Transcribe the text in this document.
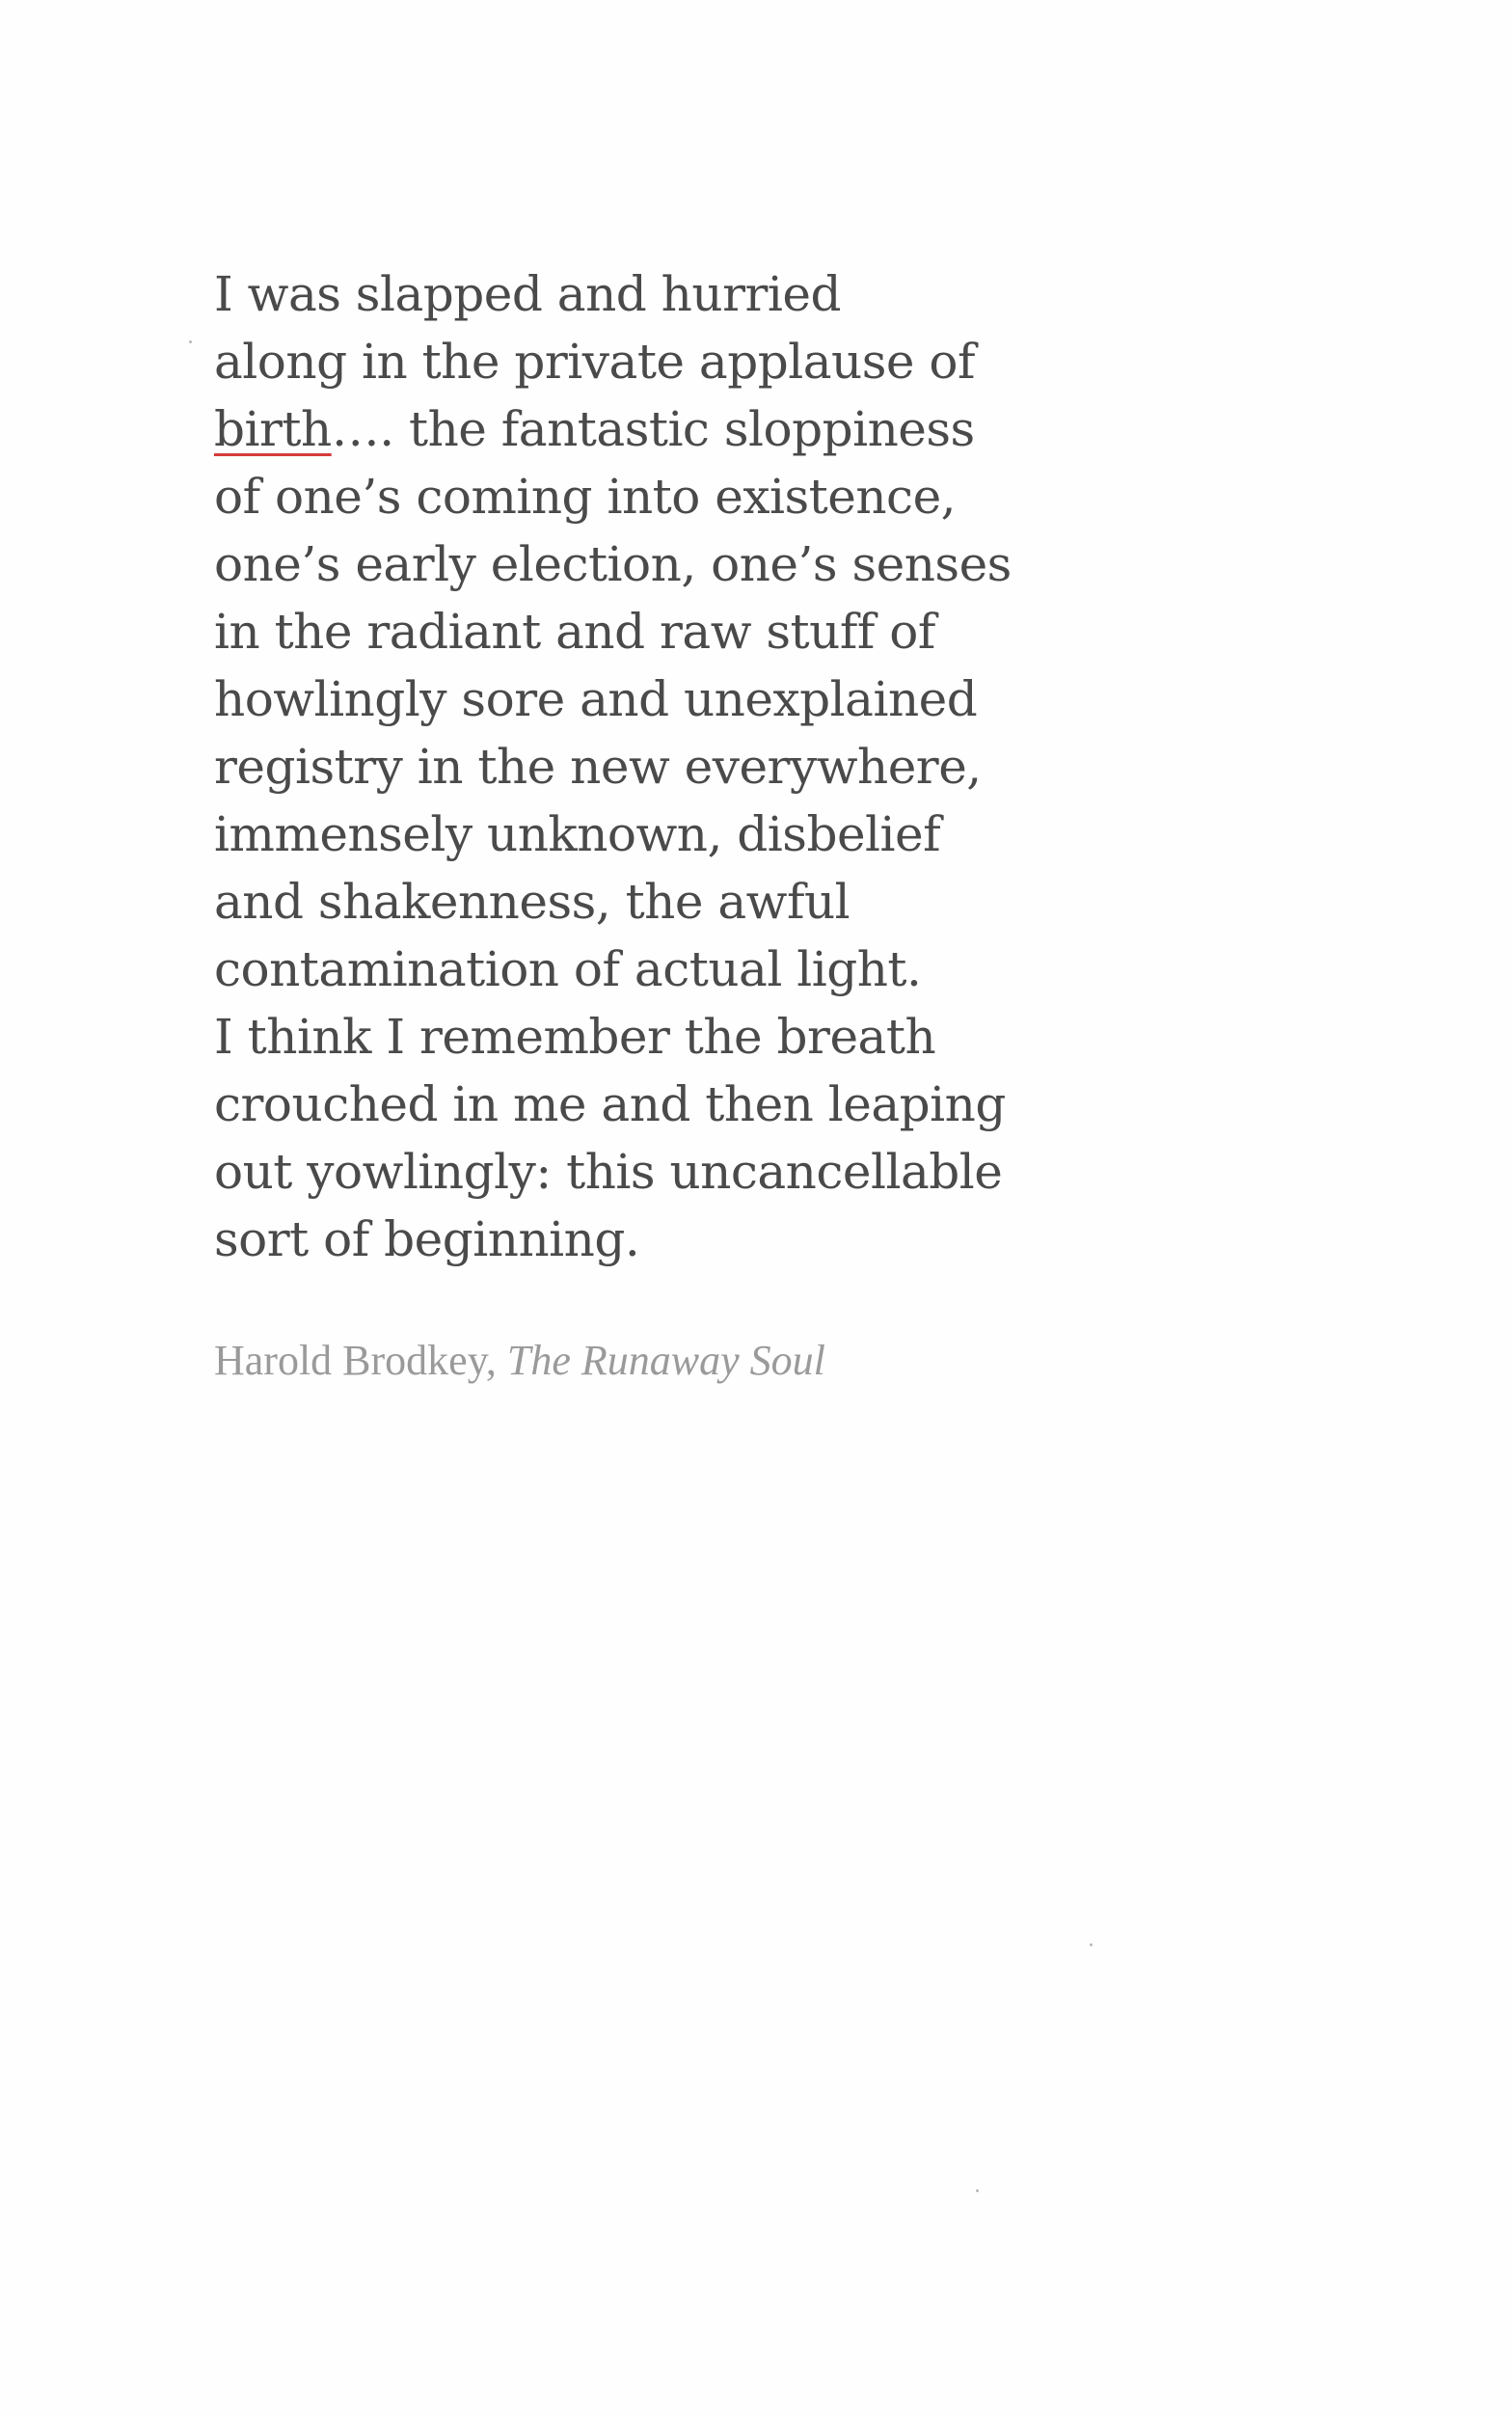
I was slapped and hurried
along in the private applause of
birth…. the fantastic sloppiness
of one’s coming into existence,
one’s early election, one’s senses
in the radiant and raw stuff of
howlingly sore and unexplained
registry in the new everywhere,
immensely unknown, disbelief
and shakenness, the awful
contamination of actual light.
I think I remember the breath
crouched in me and then leaping
out yowlingly: this uncancellable
sort of beginning.
Harold Brodkey, The Runaway Soul
